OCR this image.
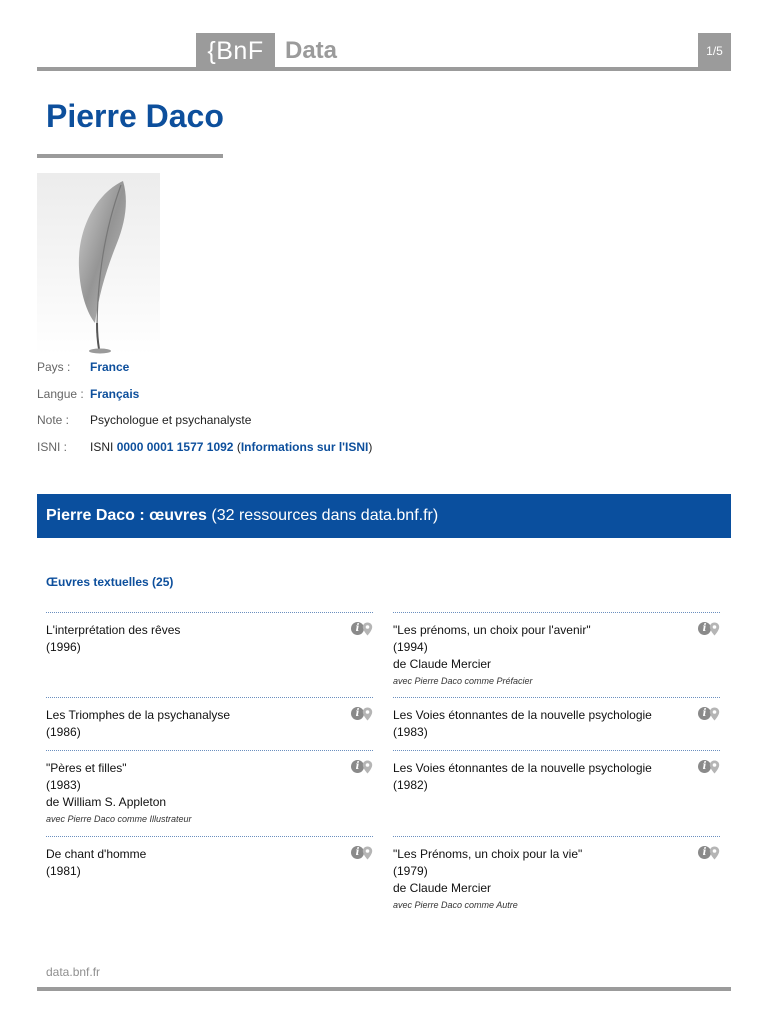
{BnF Data	1/5
Pierre Daco
Pays : France
Langue : Français
Note : Psychologue et psychanalyste
ISNI : ISNI 0000 0001 1577 1092 (Informations sur l'ISNI)
Pierre Daco : œuvres (32 ressources dans data.bnf.fr)
Œuvres textuelles (25)
L'interprétation des rêves
(1996)
i	"Les prénoms, un choix pour l'avenir"
(1994)
de Claude Mercier
avec Pierre Daco comme Préfacier
i
Les Triomphes de la psychanalyse
(1986)
i	Les Voies étonnantes de la nouvelle psychologie
(1983)
i
"Pères et filles"
(1983)
de William S. Appleton
avec Pierre Daco comme Illustrateur
i	Les Voies étonnantes de la nouvelle psychologie
(1982)
i
De chant d'homme
(1981)
i	"Les Prénoms, un choix pour la vie"
(1979)
de Claude Mercier
avec Pierre Daco comme Autre
i
data.bnf.fr
